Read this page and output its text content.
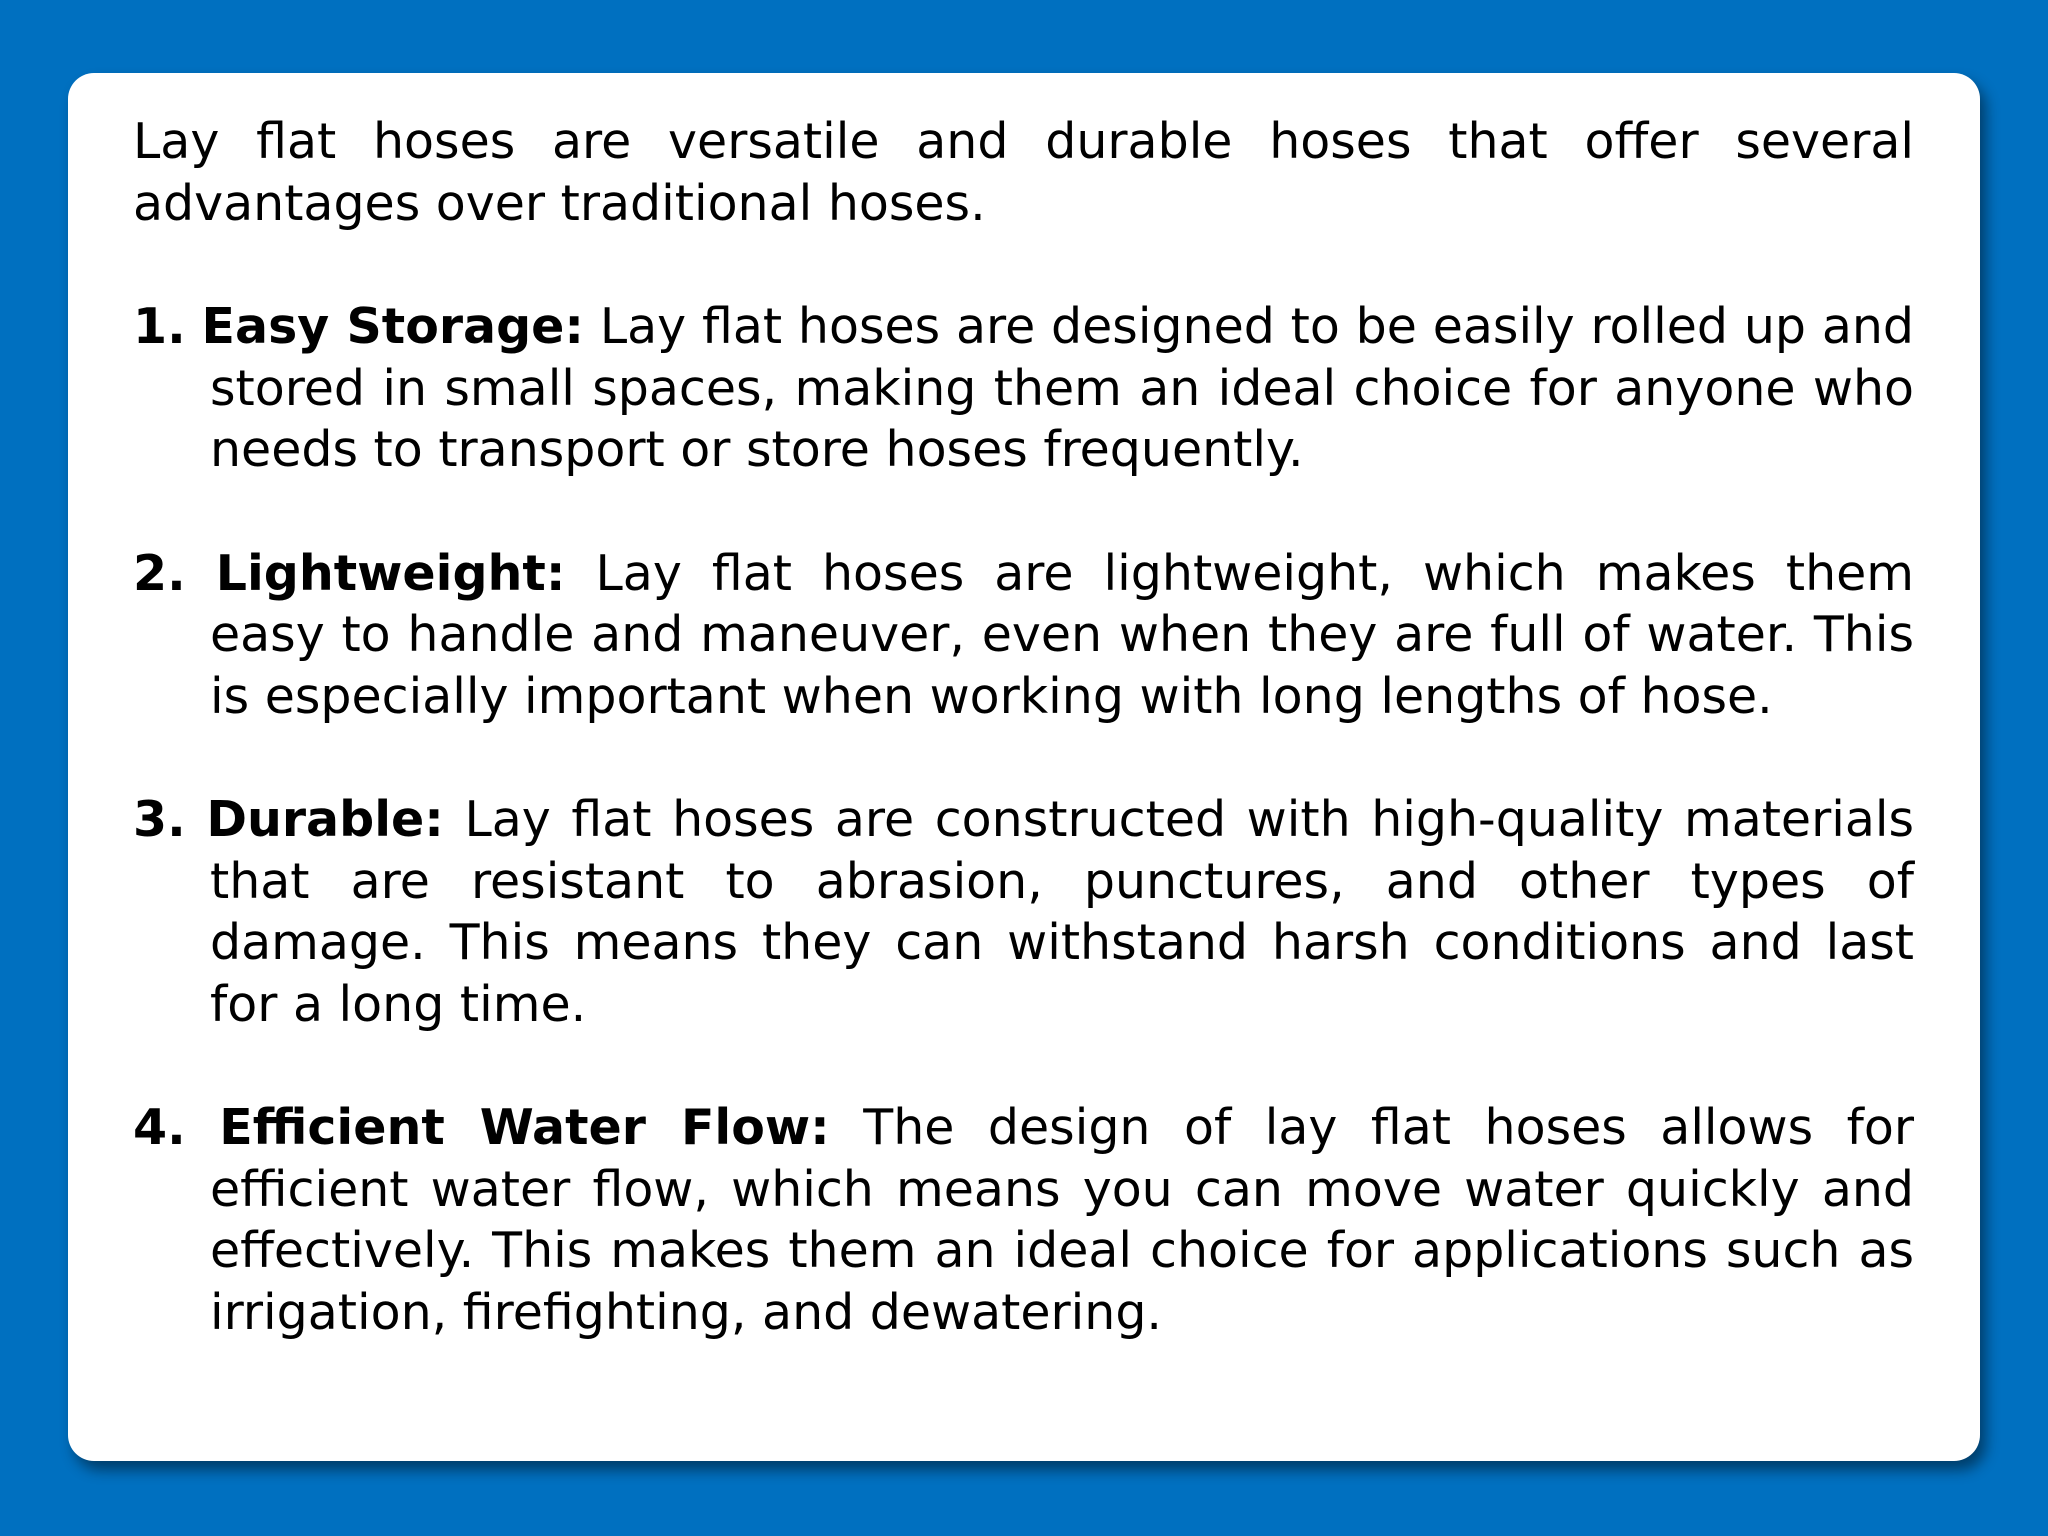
Lay flat hoses are versatile and durable hoses that offer several advantages over traditional hoses.

1. Easy Storage: Lay flat hoses are designed to be easily rolled up and stored in small spaces, making them an ideal choice for anyone who needs to transport or store hoses frequently.
2. Lightweight: Lay flat hoses are lightweight, which makes them easy to handle and maneuver, even when they are full of water. This is especially important when working with long lengths of hose.
3. Durable: Lay flat hoses are constructed with high-quality materials that are resistant to abrasion, punctures, and other types of damage. This means they can withstand harsh conditions and last for a long time.
4. Efficient Water Flow: The design of lay flat hoses allows for efficient water flow, which means you can move water quickly and effectively. This makes them an ideal choice for applications such as irrigation, firefighting, and dewatering.
